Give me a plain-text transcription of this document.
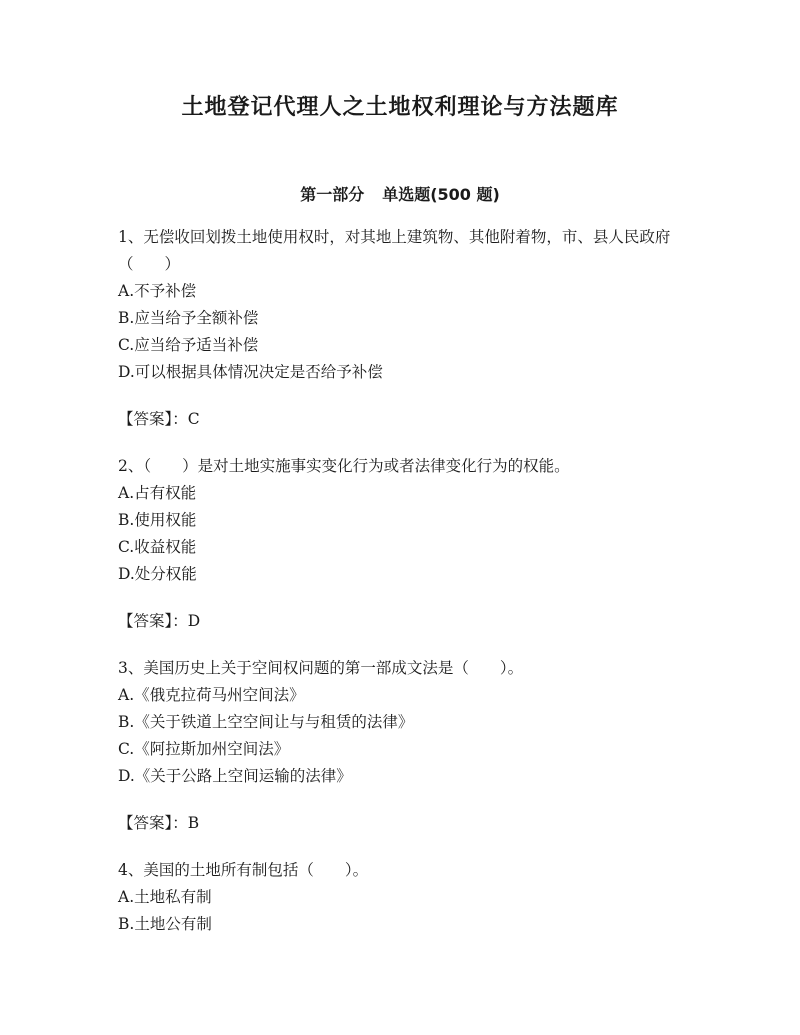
土地登记代理人之土地权利理论与方法题库
第一部分 单选题(500 题)
1、无偿收回划拨土地使用权时，对其地上建筑物、其他附着物，市、县人民政府（　　）
A.不予补偿
B.应当给予全额补偿
C.应当给予适当补偿
D.可以根据具体情况决定是否给予补偿
【答案】：C
2、（　　）是对土地实施事实变化行为或者法律变化行为的权能。
A.占有权能
B.使用权能
C.收益权能
D.处分权能
【答案】：D
3、美国历史上关于空间权问题的第一部成文法是（　　）。
A.《俄克拉荷马州空间法》
B.《关于铁道上空空间让与与租赁的法律》
C.《阿拉斯加州空间法》
D.《关于公路上空间运输的法律》
【答案】：B
4、美国的土地所有制包括（　　）。
A.土地私有制
B.土地公有制
